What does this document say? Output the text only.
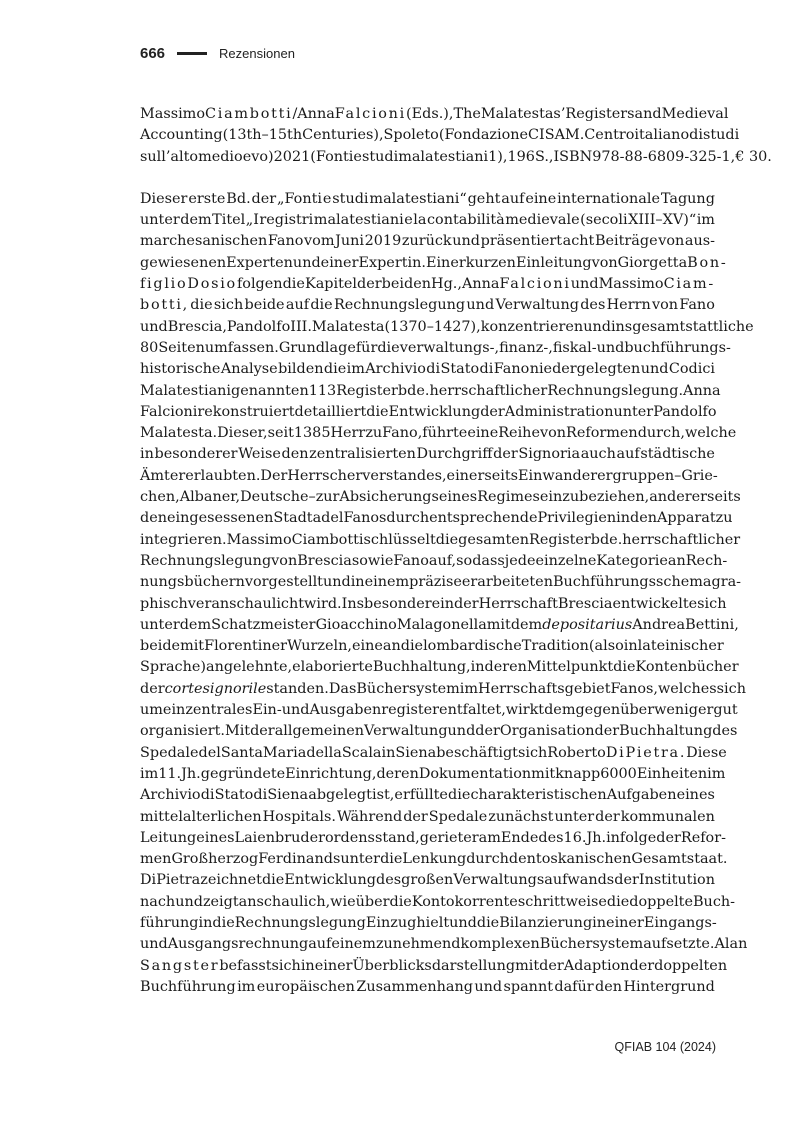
666	Rezensionen
Massimo Ciambotti /Anna Falcioni (Eds.), The Malatestas’ Registers and Medieval
Accounting (13th–15th Centuries), Spoleto (Fondazione CISAM. Centro italiano di studi
sull’alto medioevo) 2021 (Fonti e studi malatestiani 1), 196 S., ISBN 978-88-6809-325-1, € 30.
Dieser erste Bd. der „Fonti e studi malatestiani“ geht auf eine internationale Tagung
unter dem Titel „I registri malatestiani e la contabilità medievale (secoli XIII–XV)“ im
marchesanischen Fano vom Juni 2019 zurück und präsentiert acht Beiträge von aus-
gewiesenen Experten und einer Expertin. Einer kurzen Einleitung von Giorgetta Bon-
figlio Dosio folgen die Kapitel der beiden Hg., Anna Falcioni und Massimo Ciam-
botti, die sich beide auf die Rechnungslegung und Verwaltung des Herrn von Fano
und Brescia, Pandolfo III. Malatesta (1370–1427), konzentrieren und insgesamt stattliche
80 Seiten umfassen. Grundlage für die verwaltungs-, finanz-, fiskal- und buchführungs-
historische Analyse bilden die im Archivio di Stato di Fano niedergelegten und Codici
Malatestiani genannten 113 Registerbde. herrschaftlicher Rechnungslegung. Anna
Falcioni rekonstruiert detailliert die Entwicklung der Administration unter Pandolfo
Malatesta. Dieser, seit 1385 Herr zu Fano, führte eine Reihe von Reformen durch, welche
in besonderer Weise den zentralisierten Durchgriff der Signoria auch auf städtische
Ämter erlaubten. Der Herrscher verstand es, einerseits Einwanderergruppen – Grie-
chen, Albaner, Deutsche – zur Absicherung seines Regimes einzubeziehen, andererseits
den eingesessenen Stadtadel Fanos durch entsprechende Privilegien in den Apparat zu
integrieren. Massimo Ciambotti schlüsselt die gesamten Registerbde. herrschaftlicher
Rechnungslegung von Brescia sowie Fano auf, so dass jede einzelne Kategorie an Rech-
nungsbüchern vorgestellt und in einem präzise erarbeiteten Buchführungsschema gra-
phisch veranschaulicht wird. Insbesondere in der Herrschaft Brescia entwickelte sich
unter dem Schatzmeister Gioacchino Malagonella mit dem depositarius Andrea Bettini,
beide mit Florentiner Wurzeln, eine an die lombardische Tradition (also in lateinischer
Sprache) angelehnte, elaborierte Buchhaltung, in deren Mittelpunkt die Kontenbücher
der corte signorile standen. Das Büchersystem im Herrschaftsgebiet Fanos, welches sich
um ein zentrales Ein- und Ausgabenregister entfaltet, wirkt demgegenüber weniger gut
organisiert. Mit der allgemeinen Verwaltung und der Organisation der Buchhaltung des
Spedale del Santa Maria della Scala in Siena beschäftigt sich Roberto Di Pietra. Diese
im 11. Jh. gegründete Einrichtung, deren Dokumentation mit knapp 6000 Einheiten im
Archivio di Stato di Siena abgelegt ist, erfüllte die charakteristischen Aufgaben eines
mittelalterlichen Hospitals. Während der Spedale zunächst unter der kommunalen
Leitung eines Laienbruderordens stand, geriet er am Ende des 16. Jh. infolge der Refor-
men Großherzog Ferdinands unter die Lenkung durch den toskanischen Gesamtstaat.
Di Pietra zeichnet die Entwicklung des großen Verwaltungsaufwands der Institution
nach und zeigt anschaulich, wie über die Kontokorrente schrittweise die doppelte Buch-
führung in die Rechnungslegung Einzug hielt und die Bilanzierung in einer Eingangs-
und Ausgangsrechnung auf einem zunehmend komplexen Büchersystem aufsetzte. Alan
Sangster befasst sich in einer Überblicksdarstellung mit der Adaption der doppelten
Buchführung im europäischen Zusammenhang und spannt dafür den Hintergrund
QFIAB 104 (2024)
